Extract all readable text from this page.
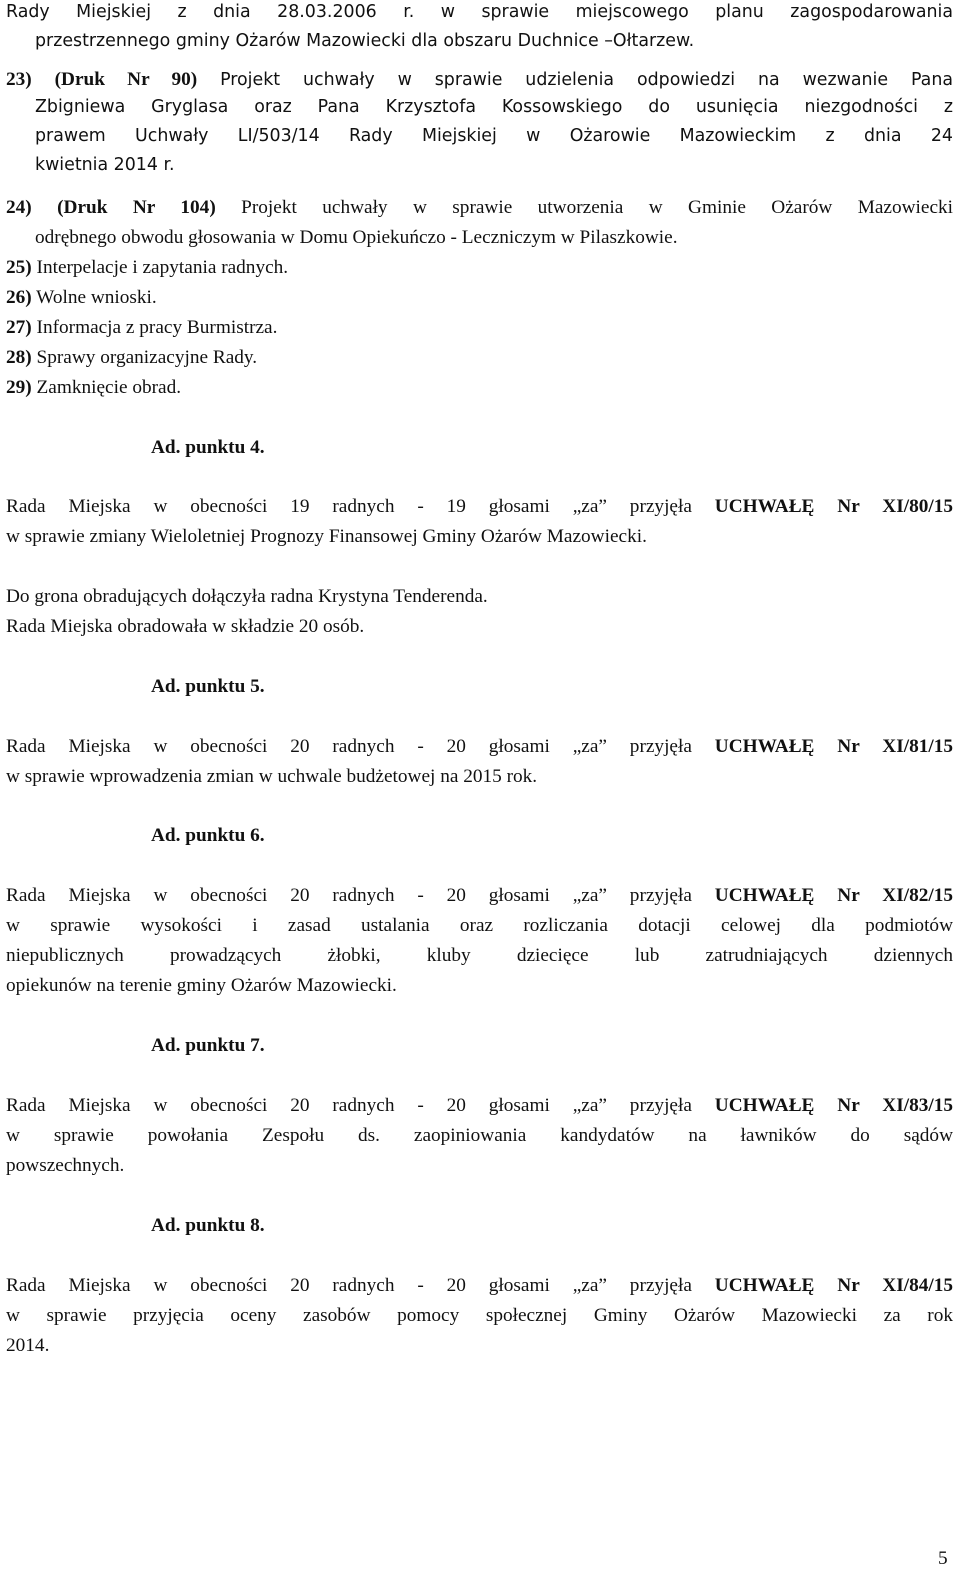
Rady Miejskiej z dnia 28.03.2006 r. w sprawie miejscowego planu zagospodarowania
przestrzennego gminy Ożarów Mazowiecki dla obszaru Duchnice –Ołtarzew.
23) (Druk Nr 90) Projekt uchwały w sprawie udzielenia odpowiedzi na wezwanie Pana
Zbigniewa Gryglasa oraz Pana Krzysztofa Kossowskiego do usunięcia niezgodności z
prawem Uchwały LI/503/14 Rady Miejskiej w Ożarowie Mazowieckim z dnia 24
kwietnia 2014 r.
24) (Druk Nr 104) Projekt uchwały w sprawie utworzenia w Gminie Ożarów Mazowiecki
odrębnego obwodu głosowania w Domu Opiekuńczo - Leczniczym w Pilaszkowie.
25) Interpelacje i zapytania radnych.
26) Wolne wnioski.
27) Informacja z pracy Burmistrza.
28) Sprawy organizacyjne Rady.
29) Zamknięcie obrad.
Ad. punktu 4.
Rada Miejska w obecności 19 radnych - 19 głosami „za” przyjęła UCHWAŁĘ Nr XI/80/15
w sprawie zmiany Wieloletniej Prognozy Finansowej Gminy Ożarów Mazowiecki.
Do grona obradujących dołączyła radna Krystyna Tenderenda.
Rada Miejska obradowała w składzie 20 osób.
Ad. punktu 5.
Rada Miejska w obecności 20 radnych - 20 głosami „za” przyjęła UCHWAŁĘ Nr XI/81/15
w sprawie wprowadzenia zmian w uchwale budżetowej na 2015 rok.
Ad. punktu 6.
Rada Miejska w obecności 20 radnych - 20 głosami „za” przyjęła UCHWAŁĘ Nr XI/82/15
w sprawie wysokości i zasad ustalania oraz rozliczania dotacji celowej dla podmiotów
niepublicznych prowadzących żłobki, kluby dziecięce lub zatrudniających dziennych
opiekunów na terenie gminy Ożarów Mazowiecki.
Ad. punktu 7.
Rada Miejska w obecności 20 radnych - 20 głosami „za” przyjęła UCHWAŁĘ Nr XI/83/15
w sprawie powołania Zespołu ds. zaopiniowania kandydatów na ławników do sądów
powszechnych.
Ad. punktu 8.
Rada Miejska w obecności 20 radnych - 20 głosami „za” przyjęła UCHWAŁĘ Nr XI/84/15
w sprawie przyjęcia oceny zasobów pomocy społecznej Gminy Ożarów Mazowiecki za rok
2014.
5
